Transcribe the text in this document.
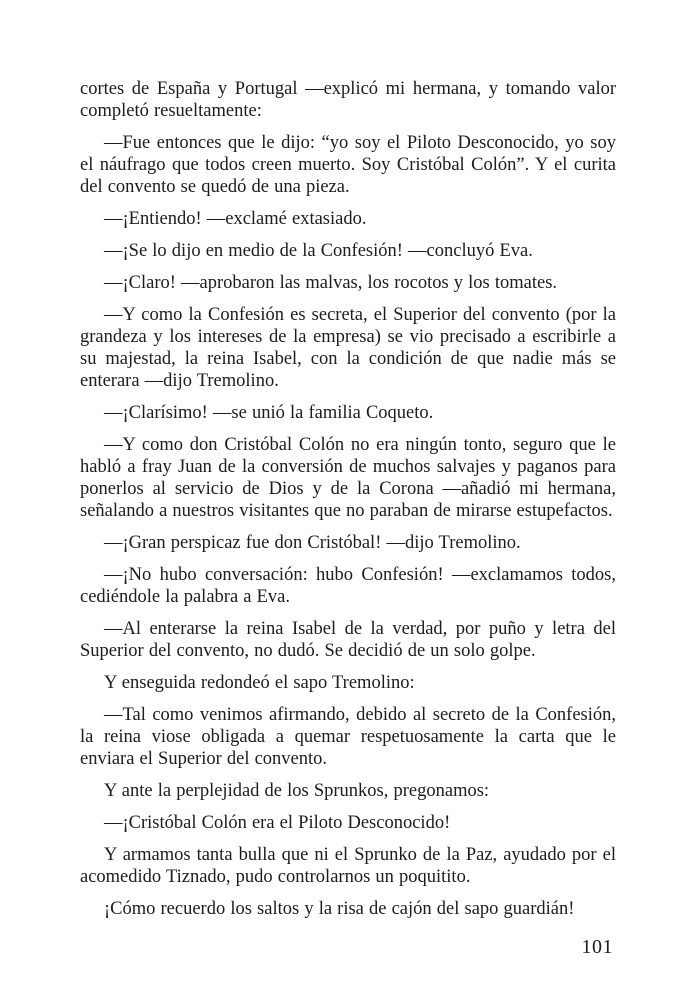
cortes de España y Portugal —explicó mi hermana, y tomando valor completó resueltamente:

—Fue entonces que le dijo: “yo soy el Piloto Desconocido, yo soy el náufrago que todos creen muerto. Soy Cristóbal Colón”. Y el curita del convento se quedó de una pieza.

—¡Entiendo! —exclamé extasiado.

—¡Se lo dijo en medio de la Confesión! —concluyó Eva.

—¡Claro! —aprobaron las malvas, los rocotos y los tomates.

—Y como la Confesión es secreta, el Superior del convento (por la grandeza y los intereses de la empresa) se vio precisado a escribirle a su majestad, la reina Isabel, con la condición de que nadie más se enterara —dijo Tremolino.

—¡Clarísimo! —se unió la familia Coqueto.

—Y como don Cristóbal Colón no era ningún tonto, seguro que le habló a fray Juan de la conversión de muchos salvajes y paganos para ponerlos al servicio de Dios y de la Corona —añadió mi hermana, señalando a nuestros visitantes que no paraban de mirarse estupefactos.

—¡Gran perspicaz fue don Cristóbal! —dijo Tremolino.

—¡No hubo conversación: hubo Confesión! —exclamamos todos, cediéndole la palabra a Eva.

—Al enterarse la reina Isabel de la verdad, por puño y letra del Superior del convento, no dudó. Se decidió de un solo golpe.

Y enseguida redondeó el sapo Tremolino:

—Tal como venimos afirmando, debido al secreto de la Confesión, la reina viose obligada a quemar respetuosamente la carta que le enviara el Superior del convento.

Y ante la perplejidad de los Sprunkos, pregonamos:

—¡Cristóbal Colón era el Piloto Desconocido!

Y armamos tanta bulla que ni el Sprunko de la Paz, ayudado por el acomedido Tiznado, pudo controlarnos un poquitito.

¡Cómo recuerdo los saltos y la risa de cajón del sapo guardián!

101
